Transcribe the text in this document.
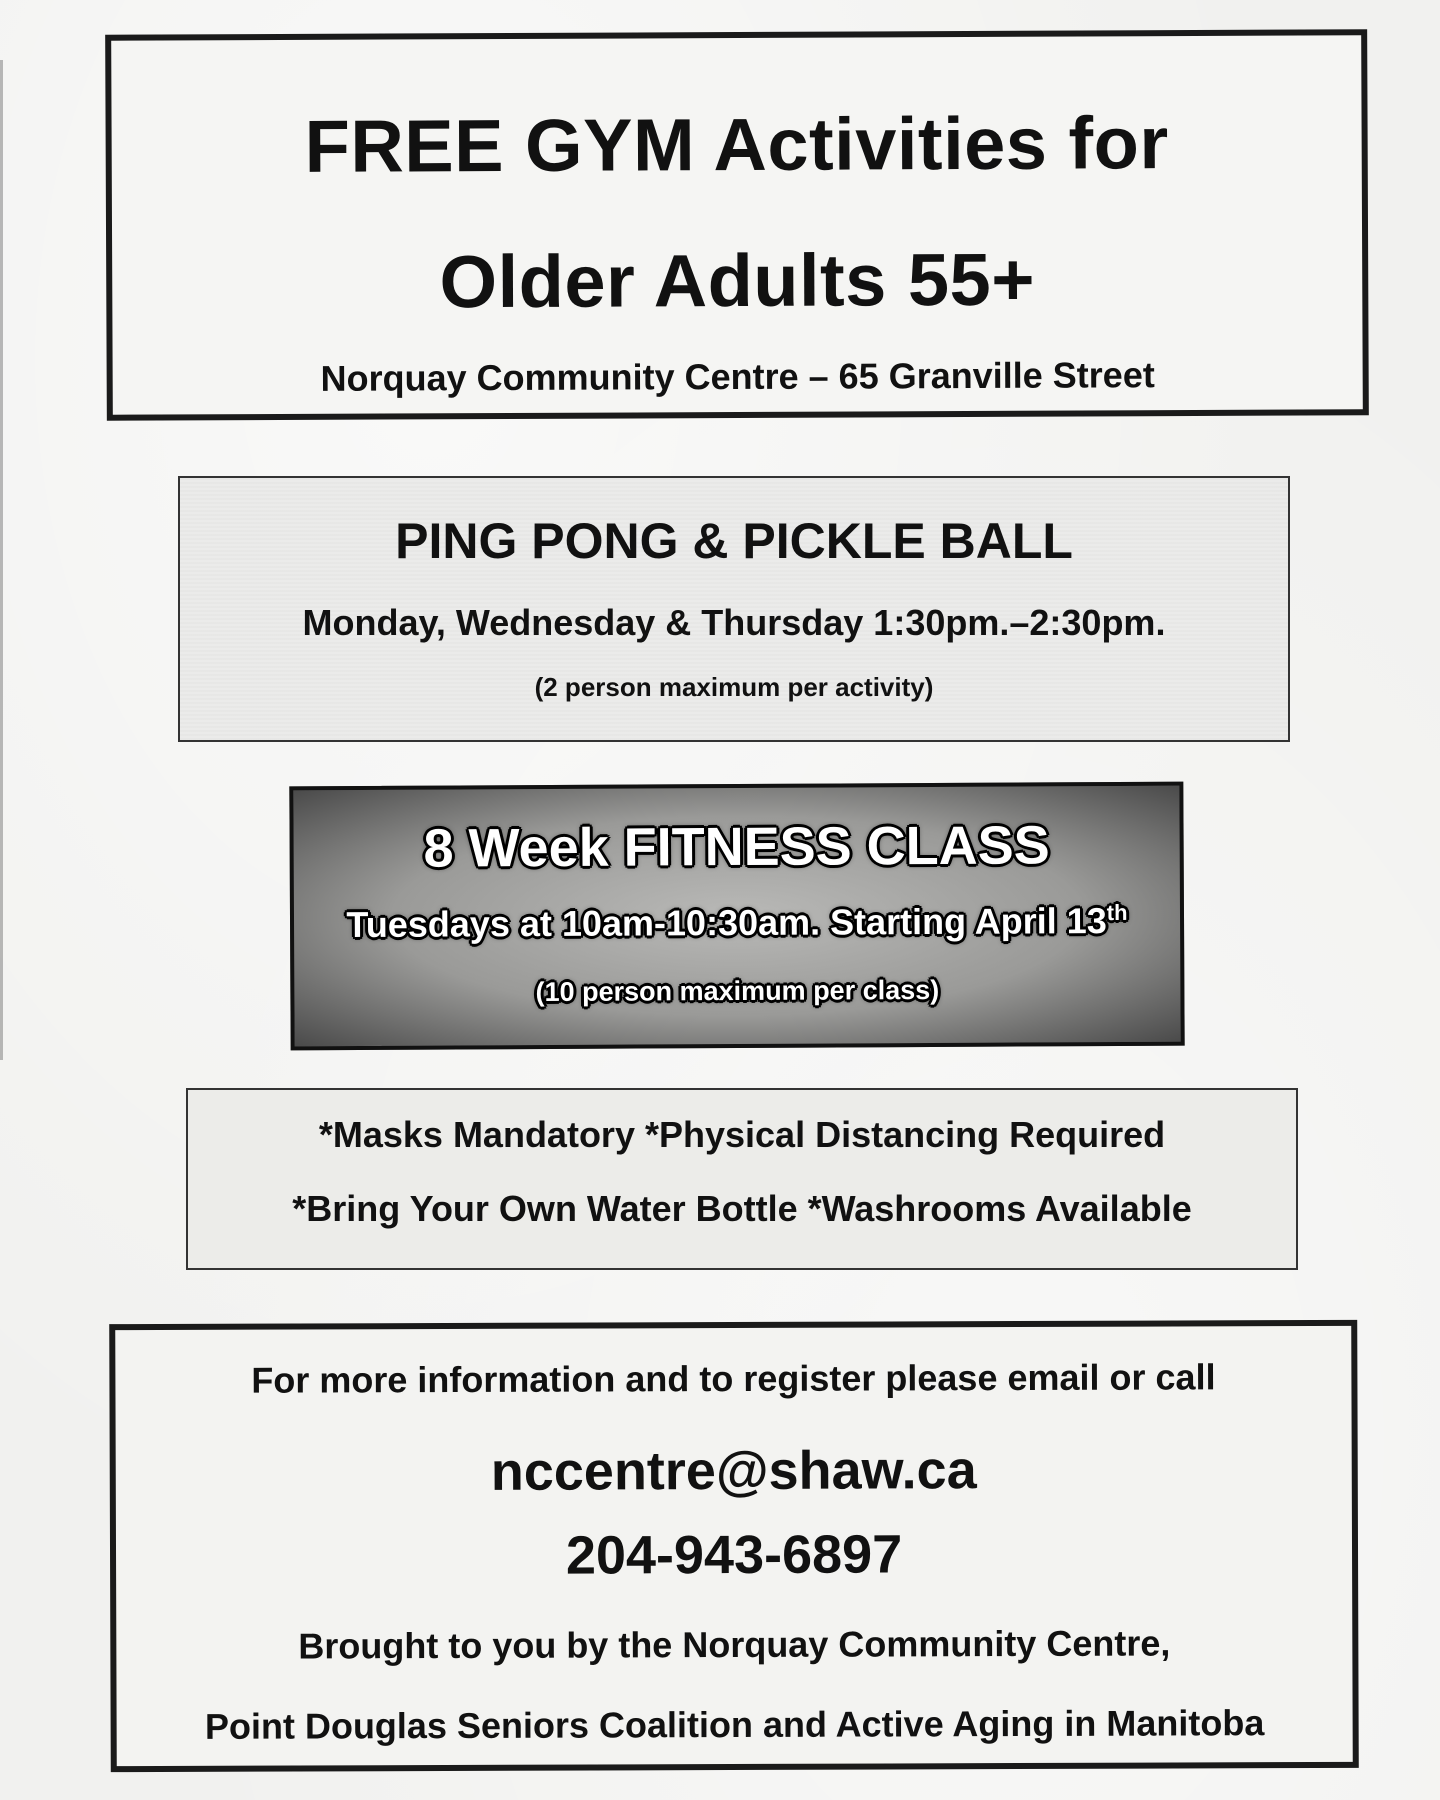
FREE GYM Activities for
Older Adults 55+
Norquay Community Centre – 65 Granville Street
PING PONG & PICKLE BALL
Monday, Wednesday & Thursday 1:30pm.–2:30pm.
(2 person maximum per activity)
8 Week FITNESS CLASS
Tuesdays at 10am-10:30am. Starting April 13th
(10 person maximum per class)
*Masks Mandatory *Physical Distancing Required
*Bring Your Own Water Bottle *Washrooms Available
For more information and to register please email or call
nccentre@shaw.ca
204-943-6897
Brought to you by the Norquay Community Centre,
Point Douglas Seniors Coalition and Active Aging in Manitoba
